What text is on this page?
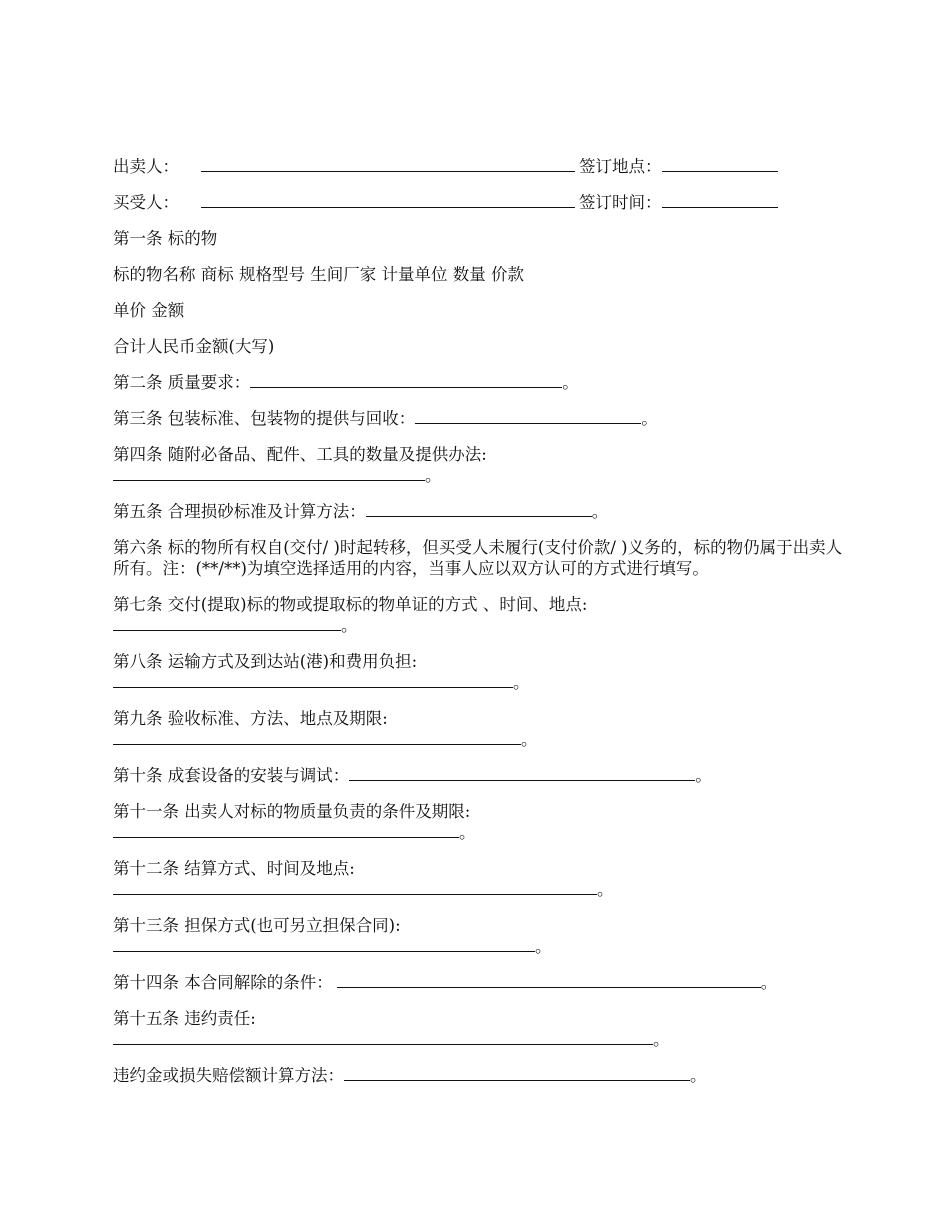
出卖人：	签订地点：
买受人：	签订时间：
第一条 标的物
标的物名称 商标 规格型号 生间厂家 计量单位 数量 价款
单价 金额
合计人民币金额(大写)
第二条 质量要求：	。
第三条 包装标准、包装物的提供与回收：	。
第四条 随附必备品、配件、工具的数量及提供办法:
。
第五条 合理损砂标准及计算方法：	。
第六条 标的物所有权自(交付/ )时起转移，但买受人未履行(支付价款/ )义务的，标的物仍属于出卖人所有。注：(**/**)为填空选择适用的内容，当事人应以双方认可的方式进行填写。
第七条 交付(提取)标的物或提取标的物单证的方式 、时间、地点:
。
第八条 运输方式及到达站(港)和费用负担:
。
第九条 验收标准、方法、地点及期限:
。
第十条 成套设备的安装与调试：	。
第十一条 出卖人对标的物质量负责的条件及期限:
。
第十二条 结算方式、时间及地点:
。
第十三条 担保方式(也可另立担保合同):
。
第十四条 本合同解除的条件：	。
第十五条 违约责任:
。
违约金或损失赔偿额计算方法：	。
